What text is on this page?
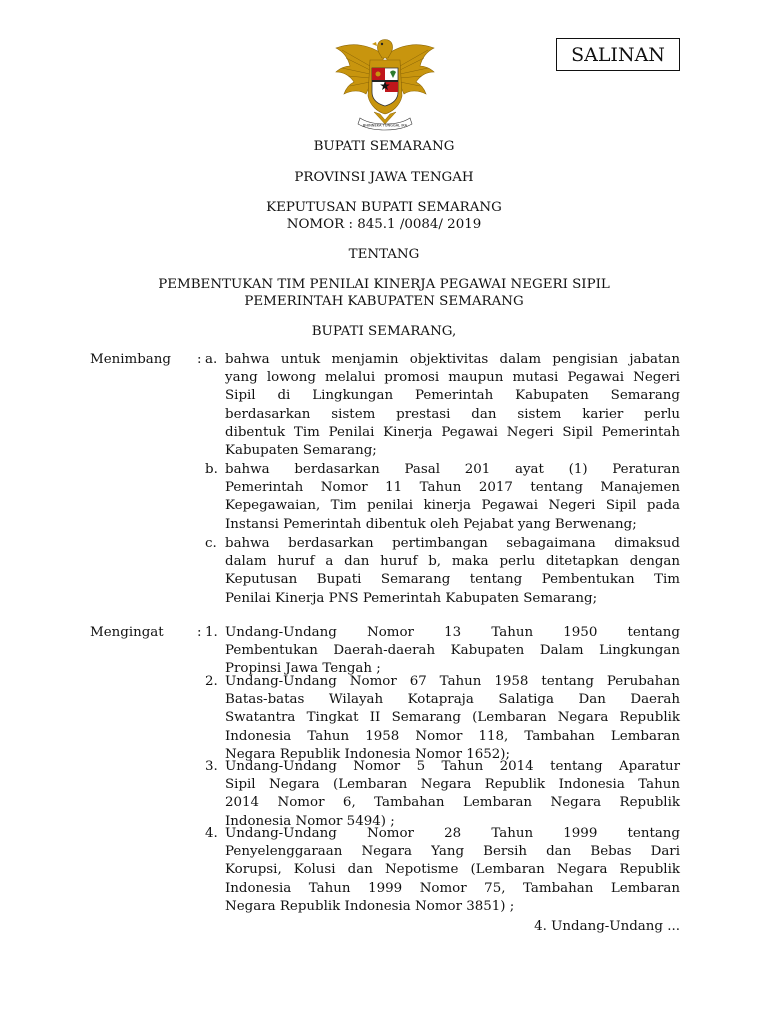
SALINAN
BHINNEKA TUNGGAL IKA
BUPATI SEMARANG
PROVINSI JAWA TENGAH
KEPUTUSAN BUPATI SEMARANG
NOMOR : 845.1 /0084/ 2019
TENTANG
PEMBENTUKAN TIM PENILAI KINERJA PEGAWAI NEGERI SIPIL
PEMERINTAH KABUPATEN SEMARANG
BUPATI SEMARANG,
Menimbang : a. bahwa untuk menjamin objektivitas dalam pengisian jabatan
yang lowong melalui promosi maupun mutasi Pegawai Negeri
Sipil di Lingkungan Pemerintah Kabupaten Semarang
berdasarkan sistem prestasi dan sistem karier perlu
dibentuk Tim Penilai Kinerja Pegawai Negeri Sipil Pemerintah
Kabupaten Semarang;
b. bahwa berdasarkan Pasal 201 ayat (1) Peraturan
Pemerintah Nomor 11 Tahun 2017 tentang Manajemen
Kepegawaian, Tim penilai kinerja Pegawai Negeri Sipil pada
Instansi Pemerintah dibentuk oleh Pejabat yang Berwenang;
c. bahwa berdasarkan pertimbangan sebagaimana dimaksud
dalam huruf a dan huruf b, maka perlu ditetapkan dengan
Keputusan Bupati Semarang tentang Pembentukan Tim
Penilai Kinerja PNS Pemerintah Kabupaten Semarang;
Mengingat : 1. Undang-Undang Nomor 13 Tahun 1950 tentang
Pembentukan Daerah-daerah Kabupaten Dalam Lingkungan
Propinsi Jawa Tengah ;
2. Undang-Undang Nomor 67 Tahun 1958 tentang Perubahan
Batas-batas Wilayah Kotapraja Salatiga Dan Daerah
Swatantra Tingkat II Semarang (Lembaran Negara Republik
Indonesia Tahun 1958 Nomor 118, Tambahan Lembaran
Negara Republik Indonesia Nomor 1652);
3. Undang-Undang Nomor 5 Tahun 2014 tentang Aparatur
Sipil Negara (Lembaran Negara Republik Indonesia Tahun
2014 Nomor 6, Tambahan Lembaran Negara Republik
Indonesia Nomor 5494) ;
4. Undang-Undang Nomor 28 Tahun 1999 tentang
Penyelenggaraan Negara Yang Bersih dan Bebas Dari
Korupsi, Kolusi dan Nepotisme (Lembaran Negara Republik
Indonesia Tahun 1999 Nomor 75, Tambahan Lembaran
Negara Republik Indonesia Nomor 3851) ;
4. Undang-Undang ...
